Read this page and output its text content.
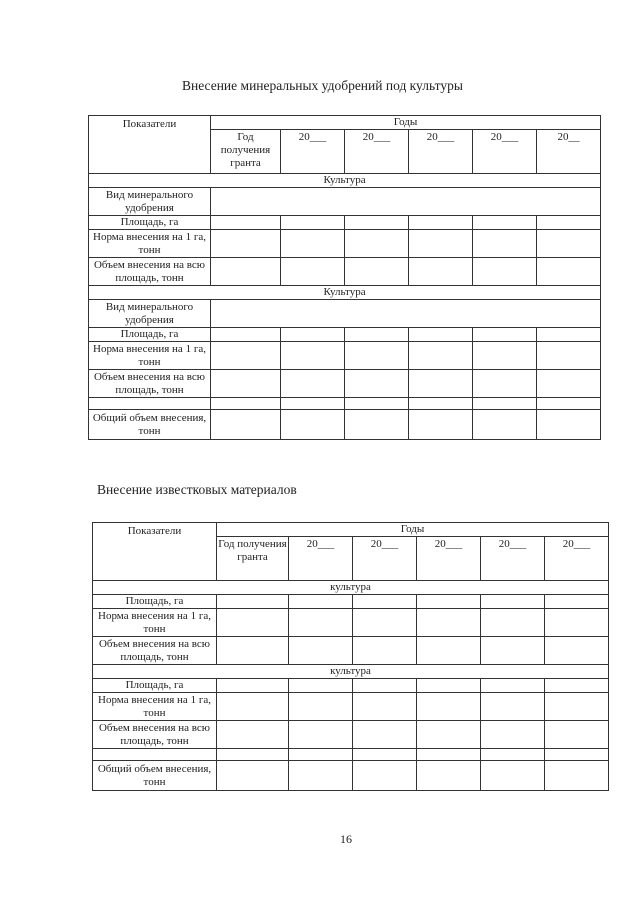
Внесение минеральных удобрений под культуры
Показатели	Годы					
	Год получения гранта	20___	20___	20___	20___	20__
Культура						
Вид минерального удобрения						
Площадь, га						
Норма внесения на 1 га, тонн						
Объем внесения на всю площадь, тонн						
Культура						
Вид минерального удобрения						
Площадь, га						
Норма внесения на 1 га, тонн						
Объем внесения на всю площадь, тонн						

Общий объем внесения, тонн						
Внесение известковых материалов
Показатели	Годы					
	Год получения гранта	20___	20___	20___	20___	20___
культура						
Площадь, га						
Норма внесения на 1 га, тонн						
Объем внесения на всю площадь, тонн						
культура						
Площадь, га						
Норма внесения на 1 га, тонн						
Объем внесения на всю площадь, тонн						

Общий объем внесения, тонн						
16
